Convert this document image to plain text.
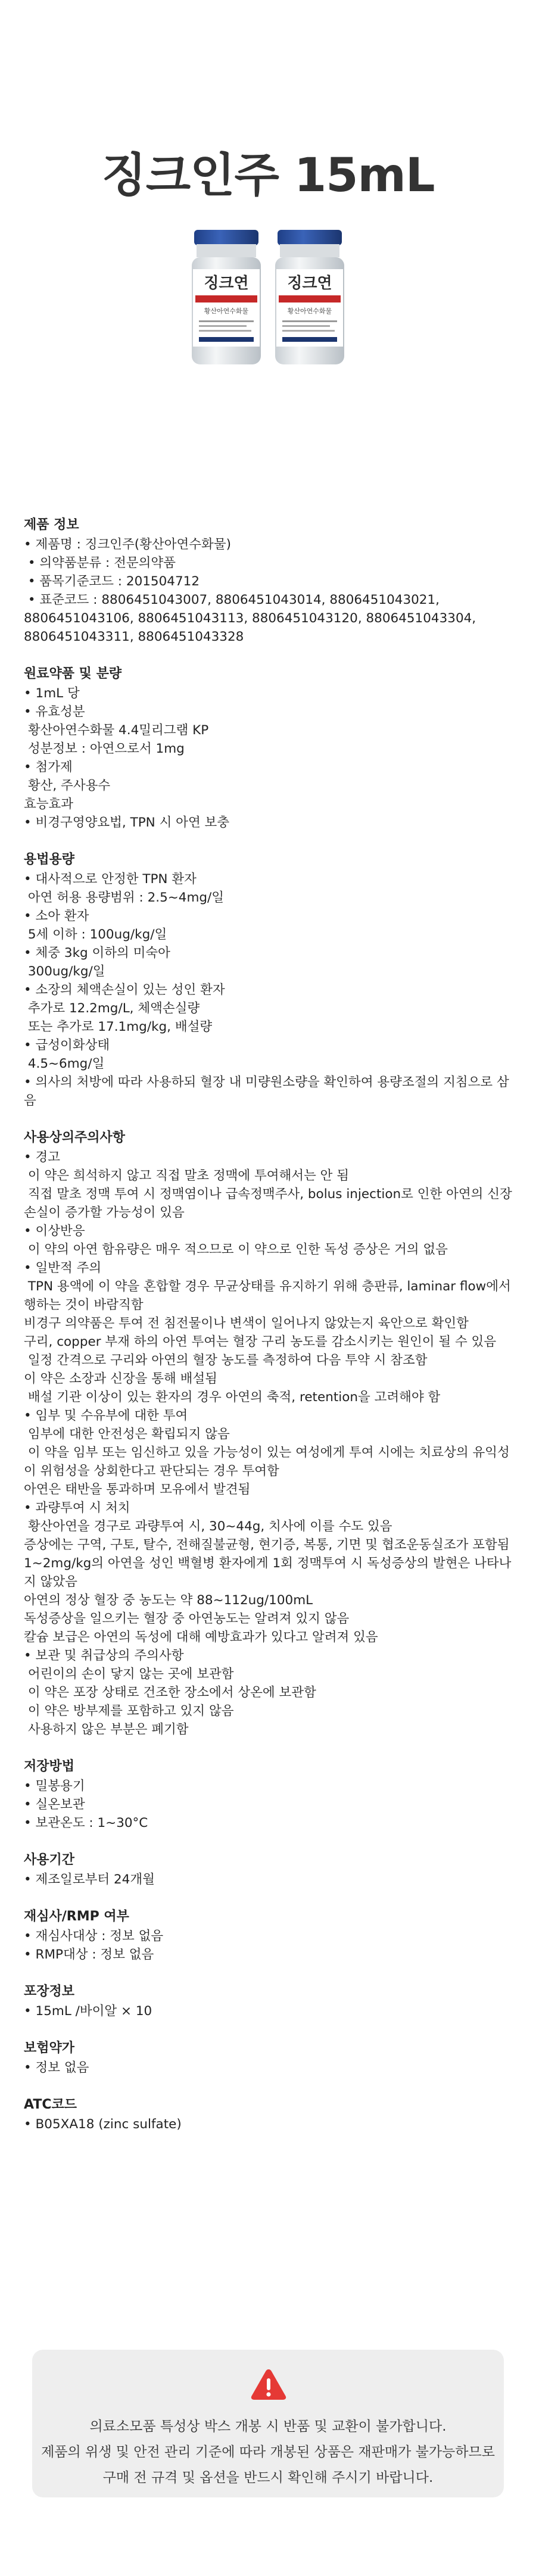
징크인주 15mL
징크연
황산아연수화물
징크연
황산아연수화물
제품 정보

• 제품명 : 징크인주(황산아연수화물)

• 의약품분류 : 전문의약품

• 품목기준코드 : 201504712

• 표준코드 : 8806451043007, 8806451043014, 8806451043021, 8806451043106, 8806451043113, 8806451043120, 8806451043304, 8806451043311, 8806451043328

원료약품 및 분량

• 1mL 당

• 유효성분

황산아연수화물 4.4밀리그램 KP

성분정보 : 아연으로서 1mg

• 첨가제

황산, 주사용수

효능효과

• 비경구영양요법, TPN 시 아연 보충

용법용량

• 대사적으로 안정한 TPN 환자

아연 허용 용량범위 : 2.5~4mg/일

• 소아 환자

5세 이하 : 100ug/kg/일

• 체중 3kg 이하의 미숙아

300ug/kg/일

• 소장의 체액손실이 있는 성인 환자

추가로 12.2mg/L, 체액손실량

또는 추가로 17.1mg/kg, 배설량

• 급성이화상태

4.5~6mg/일

• 의사의 처방에 따라 사용하되 혈장 내 미량원소량을 확인하여 용량조절의 지침으로 삼음

사용상의주의사항

• 경고

이 약은 희석하지 않고 직접 말초 정맥에 투여해서는 안 됨

직접 말초 정맥 투여 시 정맥염이나 급속정맥주사, bolus injection로 인한 아연의 신장손실이 증가할 가능성이 있음

• 이상반응

이 약의 아연 함유량은 매우 적으므로 이 약으로 인한 독성 증상은 거의 없음

• 일반적 주의

TPN 용액에 이 약을 혼합할 경우 무균상태를 유지하기 위해 층판류, laminar flow에서 행하는 것이 바람직함

비경구 의약품은 투여 전 침전물이나 변색이 일어나지 않았는지 육안으로 확인함

구리, copper 부재 하의 아연 투여는 혈장 구리 농도를 감소시키는 원인이 될 수 있음

일정 간격으로 구리와 아연의 혈장 농도를 측정하여 다음 투약 시 참조함

이 약은 소장과 신장을 통해 배설됨

배설 기관 이상이 있는 환자의 경우 아연의 축적, retention을 고려해야 함

• 임부 및 수유부에 대한 투여

임부에 대한 안전성은 확립되지 않음

이 약을 임부 또는 임신하고 있을 가능성이 있는 여성에게 투여 시에는 치료상의 유익성이 위험성을 상회한다고 판단되는 경우 투여함

아연은 태반을 통과하며 모유에서 발견됨

• 과량투여 시 처치

황산아연을 경구로 과량투여 시, 30~44g, 치사에 이를 수도 있음

증상에는 구역, 구토, 탈수, 전해질불균형, 현기증, 복통, 기면 및 협조운동실조가 포함됨

1~2mg/kg의 아연을 성인 백혈병 환자에게 1회 정맥투여 시 독성증상의 발현은 나타나지 않았음

아연의 정상 혈장 중 농도는 약 88~112ug/100mL

독성증상을 일으키는 혈장 중 아연농도는 알려져 있지 않음

칼슘 보급은 아연의 독성에 대해 예방효과가 있다고 알려져 있음

• 보관 및 취급상의 주의사항

어린이의 손이 닿지 않는 곳에 보관함

이 약은 포장 상태로 건조한 장소에서 상온에 보관함

이 약은 방부제를 포함하고 있지 않음

사용하지 않은 부분은 폐기함

저장방법

• 밀봉용기

• 실온보관

• 보관온도 : 1~30°C

사용기간

• 제조일로부터 24개월

재심사/RMP 여부

• 재심사대상 : 정보 없음

• RMP대상 : 정보 없음

포장정보

• 15mL /바이알 × 10

보험약가

• 정보 없음

ATC코드

• B05XA18 (zinc sulfate)

의료소모품 특성상 박스 개봉 시 반품 및 교환이 불가합니다.

제품의 위생 및 안전 관리 기준에 따라 개봉된 상품은 재판매가 불가능하므로

구매 전 규격 및 옵션을 반드시 확인해 주시기 바랍니다.
